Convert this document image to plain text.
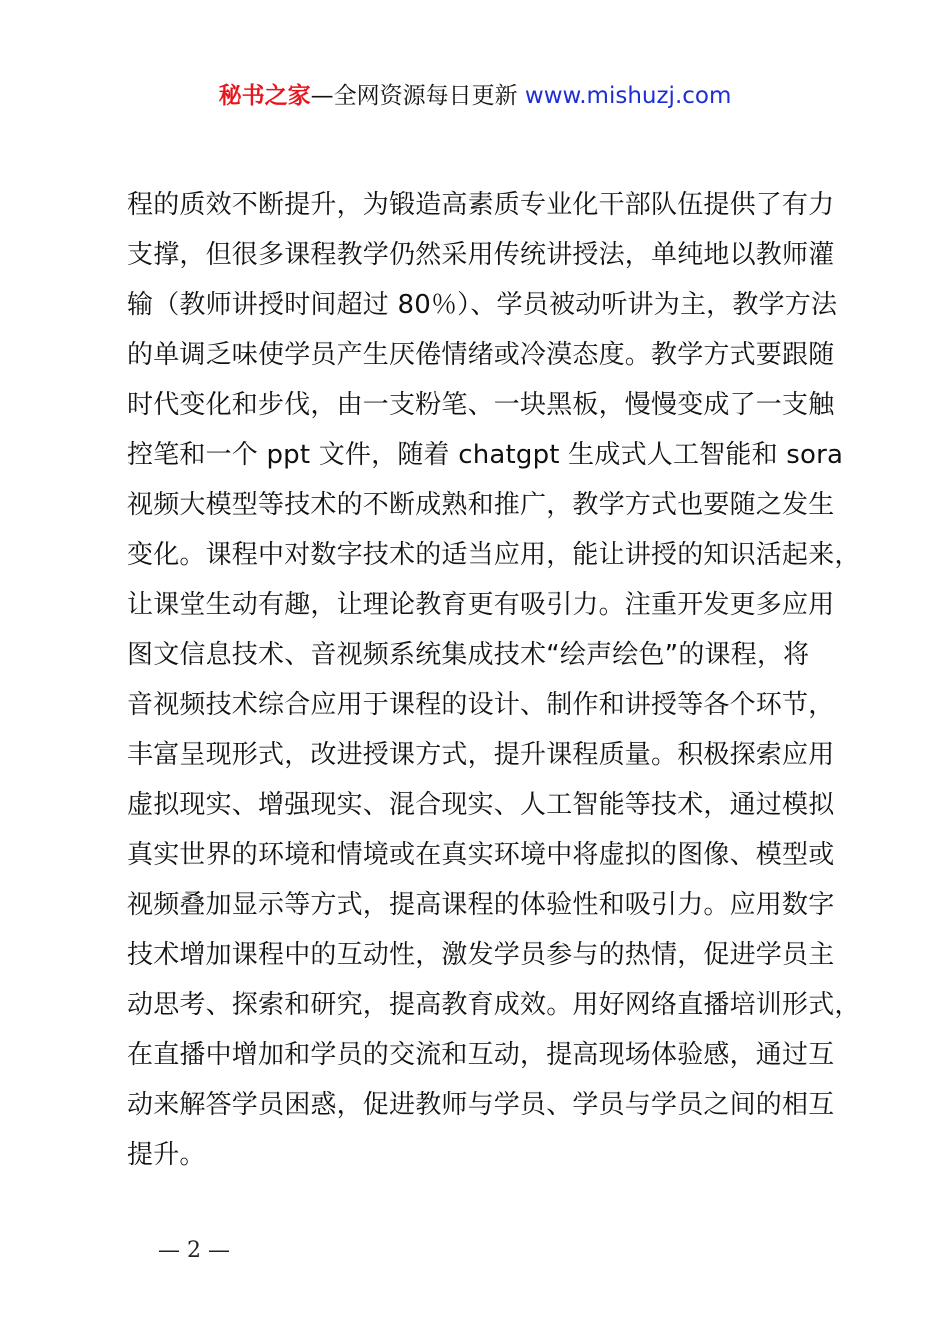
秘书之家—全网资源每日更新 www.mishuzj.com
程的质效不断提升，为锻造高素质专业化干部队伍提供了有力
支撑，但很多课程教学仍然采用传统讲授法，单纯地以教师灌
输（教师讲授时间超过 80％）、学员被动听讲为主，教学方法
的单调乏味使学员产生厌倦情绪或冷漠态度。教学方式要跟随
时代变化和步伐，由一支粉笔、一块黑板，慢慢变成了一支触
控笔和一个 ppt 文件，随着 chatgpt 生成式人工智能和 sora
视频大模型等技术的不断成熟和推广，教学方式也要随之发生
变化。课程中对数字技术的适当应用，能让讲授的知识活起来，
让课堂生动有趣，让理论教育更有吸引力。注重开发更多应用
图文信息技术、音视频系统集成技术“绘声绘色”的课程，将
音视频技术综合应用于课程的设计、制作和讲授等各个环节，
丰富呈现形式，改进授课方式，提升课程质量。积极探索应用
虚拟现实、增强现实、混合现实、人工智能等技术，通过模拟
真实世界的环境和情境或在真实环境中将虚拟的图像、模型或
视频叠加显示等方式，提高课程的体验性和吸引力。应用数字
技术增加课程中的互动性，激发学员参与的热情，促进学员主
动思考、探索和研究，提高教育成效。用好网络直播培训形式，
在直播中增加和学员的交流和互动，提高现场体验感，通过互
动来解答学员困惑，促进教师与学员、学员与学员之间的相互
提升。
— 2 —
